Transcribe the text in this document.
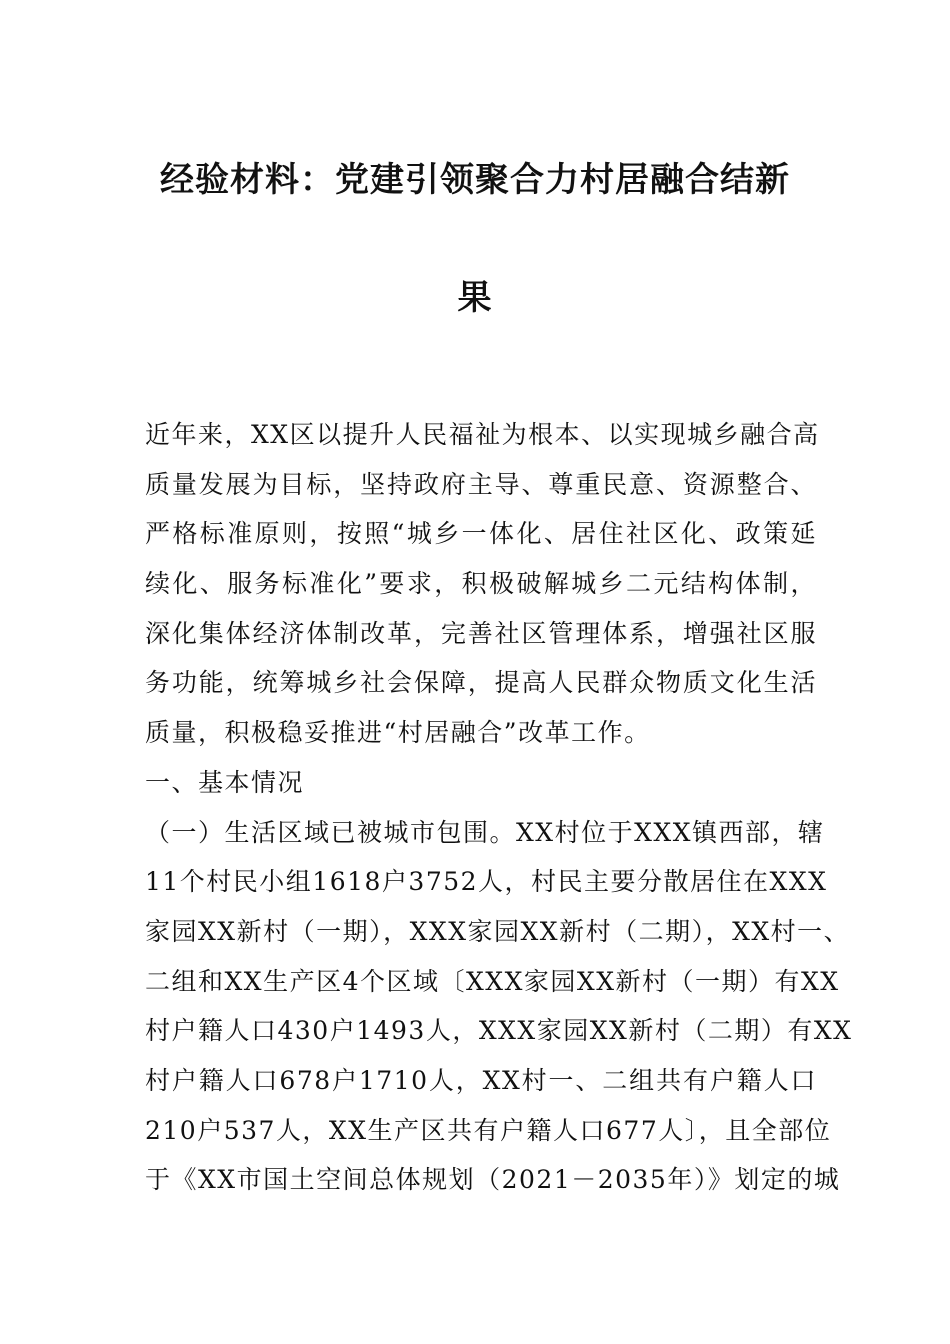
经验材料：党建引领聚合力村居融合结新
果
近年来，XX区以提升人民福祉为根本、以实现城乡融合高
质量发展为目标，坚持政府主导、尊重民意、资源整合、
严格标准原则，按照“城乡一体化、居住社区化、政策延
续化、服务标准化”要求，积极破解城乡二元结构体制，
深化集体经济体制改革，完善社区管理体系，增强社区服
务功能，统筹城乡社会保障，提高人民群众物质文化生活
质量，积极稳妥推进“村居融合”改革工作。
一、基本情况
（一）生活区域已被城市包围。XX村位于XXX镇西部，辖
11个村民小组1618户3752人，村民主要分散居住在XXX
家园XX新村（一期），XXX家园XX新村（二期），XX村一、
二组和XX生产区4个区域〔XXX家园XX新村（一期）有XX
村户籍人口430户1493人，XXX家园XX新村（二期）有XX
村户籍人口678户1710人，XX村一、二组共有户籍人口
210户537人，XX生产区共有户籍人口677人〕，且全部位
于《XX市国土空间总体规划（2021－2035年）》划定的城
